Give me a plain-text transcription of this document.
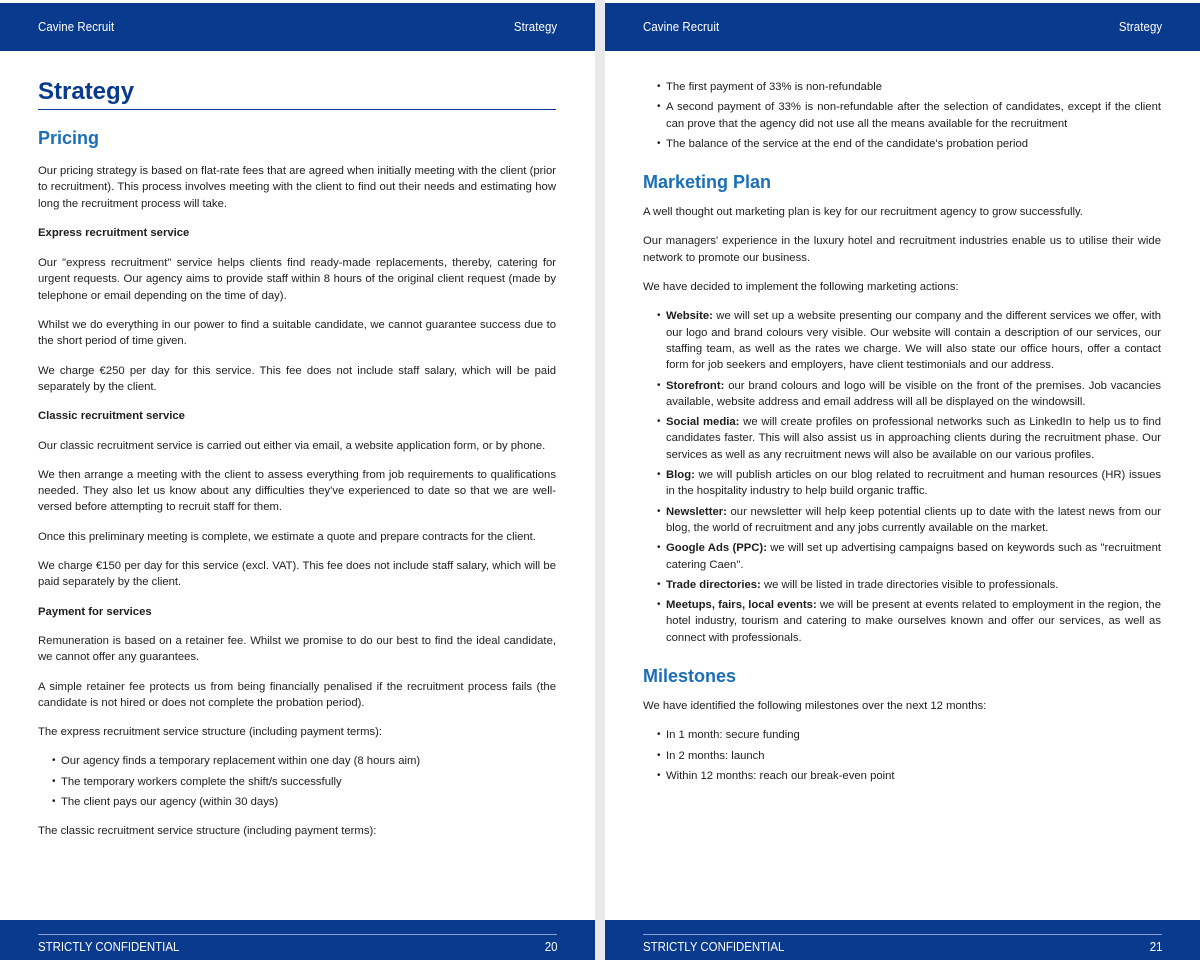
Cavine Recruit	Strategy
Strategy
Pricing

Our pricing strategy is based on flat-rate fees that are agreed when initially meeting with the client (prior to recruitment). This process involves meeting with the client to find out their needs and estimating how long the recruitment process will take.

Express recruitment service

Our "express recruitment" service helps clients find ready-made replacements, thereby, catering for urgent requests. Our agency aims to provide staff within 8 hours of the original client request (made by telephone or email depending on the time of day).

Whilst we do everything in our power to find a suitable candidate, we cannot guarantee success due to the short period of time given.

We charge €250 per day for this service. This fee does not include staff salary, which will be paid separately by the client.

Classic recruitment service

Our classic recruitment service is carried out either via email, a website application form, or by phone.

We then arrange a meeting with the client to assess everything from job requirements to qualifications needed. They also let us know about any difficulties they've experienced to date so that we are well-versed before attempting to recruit staff for them.

Once this preliminary meeting is complete, we estimate a quote and prepare contracts for the client.

We charge €150 per day for this service (excl. VAT). This fee does not include staff salary, which will be paid separately by the client.

Payment for services

Remuneration is based on a retainer fee. Whilst we promise to do our best to find the ideal candidate, we cannot offer any guarantees.

A simple retainer fee protects us from being financially penalised if the recruitment process fails (the candidate is not hired or does not complete the probation period).

The express recruitment service structure (including payment terms):

• Our agency finds a temporary replacement within one day (8 hours aim)
• The temporary workers complete the shift/s successfully
• The client pays our agency (within 30 days)

The classic recruitment service structure (including payment terms):

STRICTLY CONFIDENTIAL	20
Cavine Recruit	Strategy
• The first payment of 33% is non-refundable
• A second payment of 33% is non-refundable after the selection of candidates, except if the client can prove that the agency did not use all the means available for the recruitment
• The balance of the service at the end of the candidate's probation period
Marketing Plan

A well thought out marketing plan is key for our recruitment agency to grow successfully.

Our managers' experience in the luxury hotel and recruitment industries enable us to utilise their wide network to promote our business.

We have decided to implement the following marketing actions:

• Website: we will set up a website presenting our company and the different services we offer, with our logo and brand colours very visible. Our website will contain a description of our services, our staffing team, as well as the rates we charge. We will also state our office hours, offer a contact form for job seekers and employers, have client testimonials and our address.
• Storefront: our brand colours and logo will be visible on the front of the premises. Job vacancies available, website address and email address will all be displayed on the windowsill.
• Social media: we will create profiles on professional networks such as LinkedIn to help us to find candidates faster. This will also assist us in approaching clients during the recruitment phase. Our services as well as any recruitment news will also be available on our various profiles.
• Blog: we will publish articles on our blog related to recruitment and human resources (HR) issues in the hospitality industry to help build organic traffic.
• Newsletter: our newsletter will help keep potential clients up to date with the latest news from our blog, the world of recruitment and any jobs currently available on the market.
• Google Ads (PPC): we will set up advertising campaigns based on keywords such as "recruitment catering Caen".
• Trade directories: we will be listed in trade directories visible to professionals.
• Meetups, fairs, local events: we will be present at events related to employment in the region, the hotel industry, tourism and catering to make ourselves known and offer our services, as well as connect with professionals.
Milestones

We have identified the following milestones over the next 12 months:

• In 1 month: secure funding
• In 2 months: launch
• Within 12 months: reach our break-even point
STRICTLY CONFIDENTIAL	21
